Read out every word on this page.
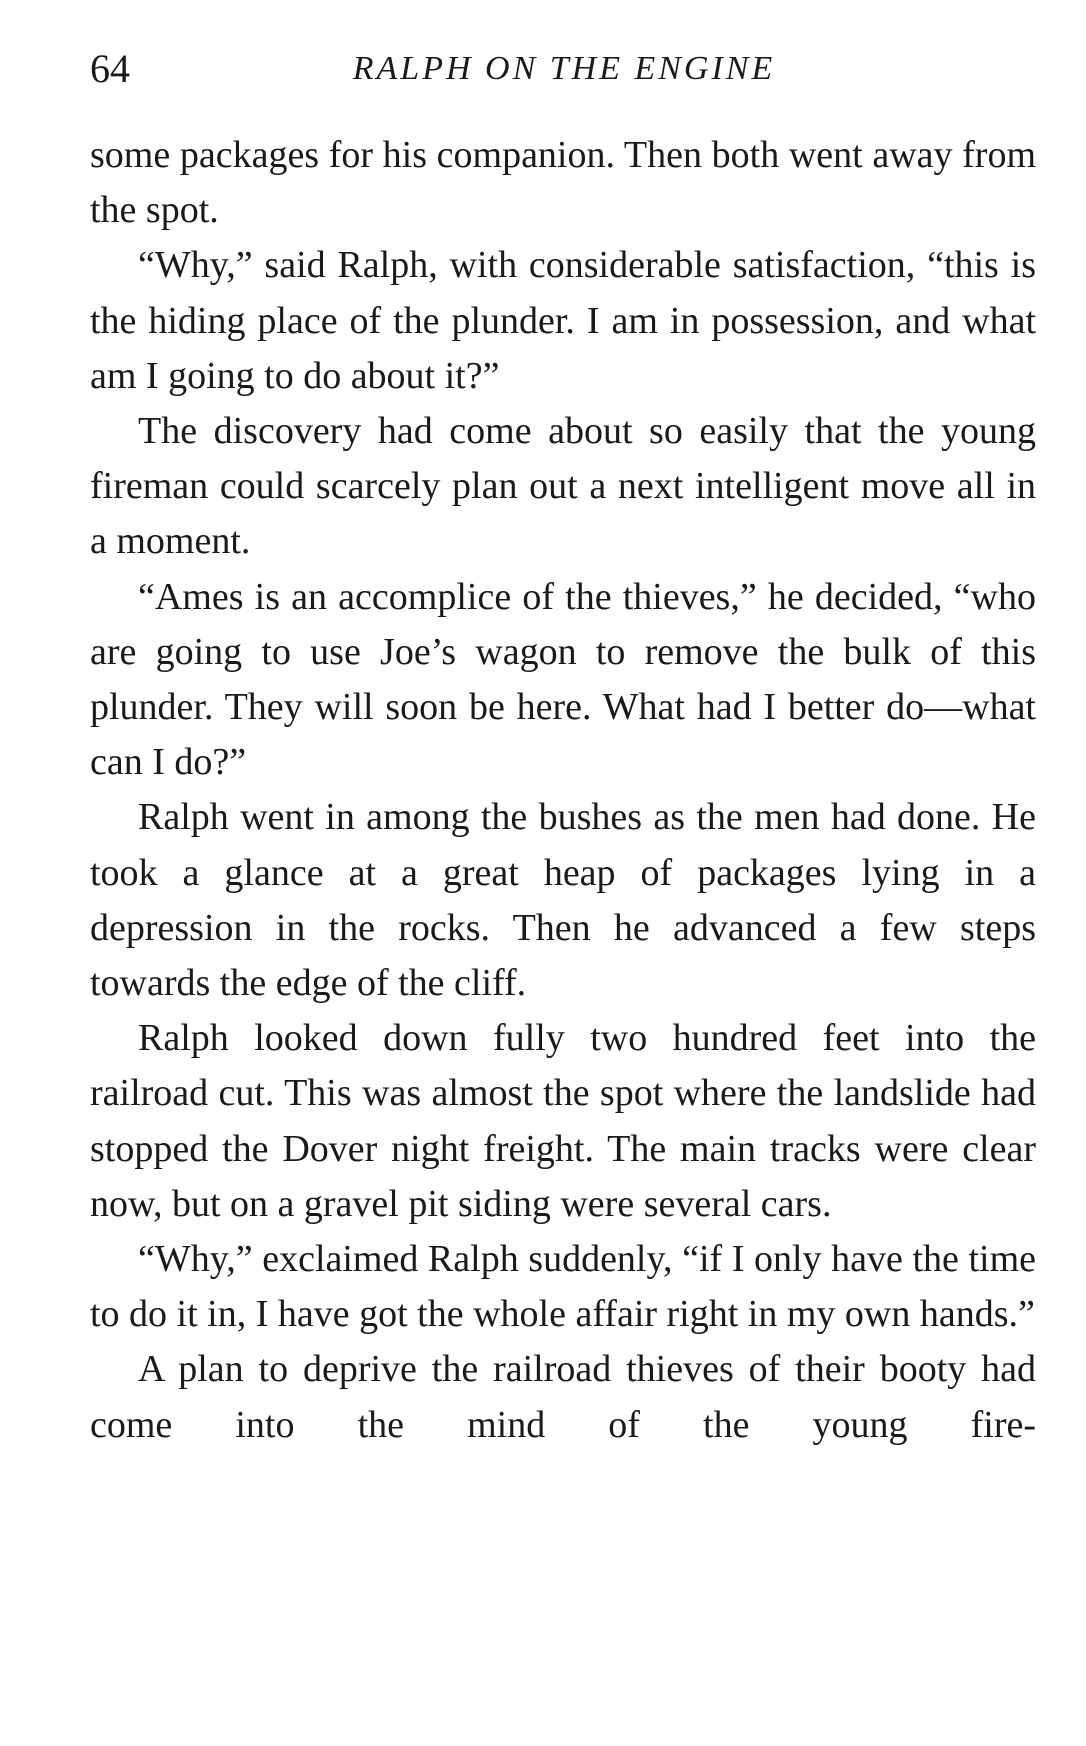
64	RALPH ON THE ENGINE

some packages for his companion. Then both went away from the spot.

“Why,” said Ralph, with considerable satisfaction, “this is the hiding place of the plunder. I am in possession, and what am I going to do about it?”

The discovery had come about so easily that the young fireman could scarcely plan out a next intelligent move all in a moment.

“Ames is an accomplice of the thieves,” he decided, “who are going to use Joe’s wagon to remove the bulk of this plunder. They will soon be here. What had I better do—what can I do?”

Ralph went in among the bushes as the men had done. He took a glance at a great heap of packages lying in a depression in the rocks. Then he advanced a few steps towards the edge of the cliff.

Ralph looked down fully two hundred feet into the railroad cut. This was almost the spot where the landslide had stopped the Dover night freight. The main tracks were clear now, but on a gravel pit siding were several cars.

“Why,” exclaimed Ralph suddenly, “if I only have the time to do it in, I have got the whole affair right in my own hands.”

A plan to deprive the railroad thieves of their booty had come into the mind of the young fire-
